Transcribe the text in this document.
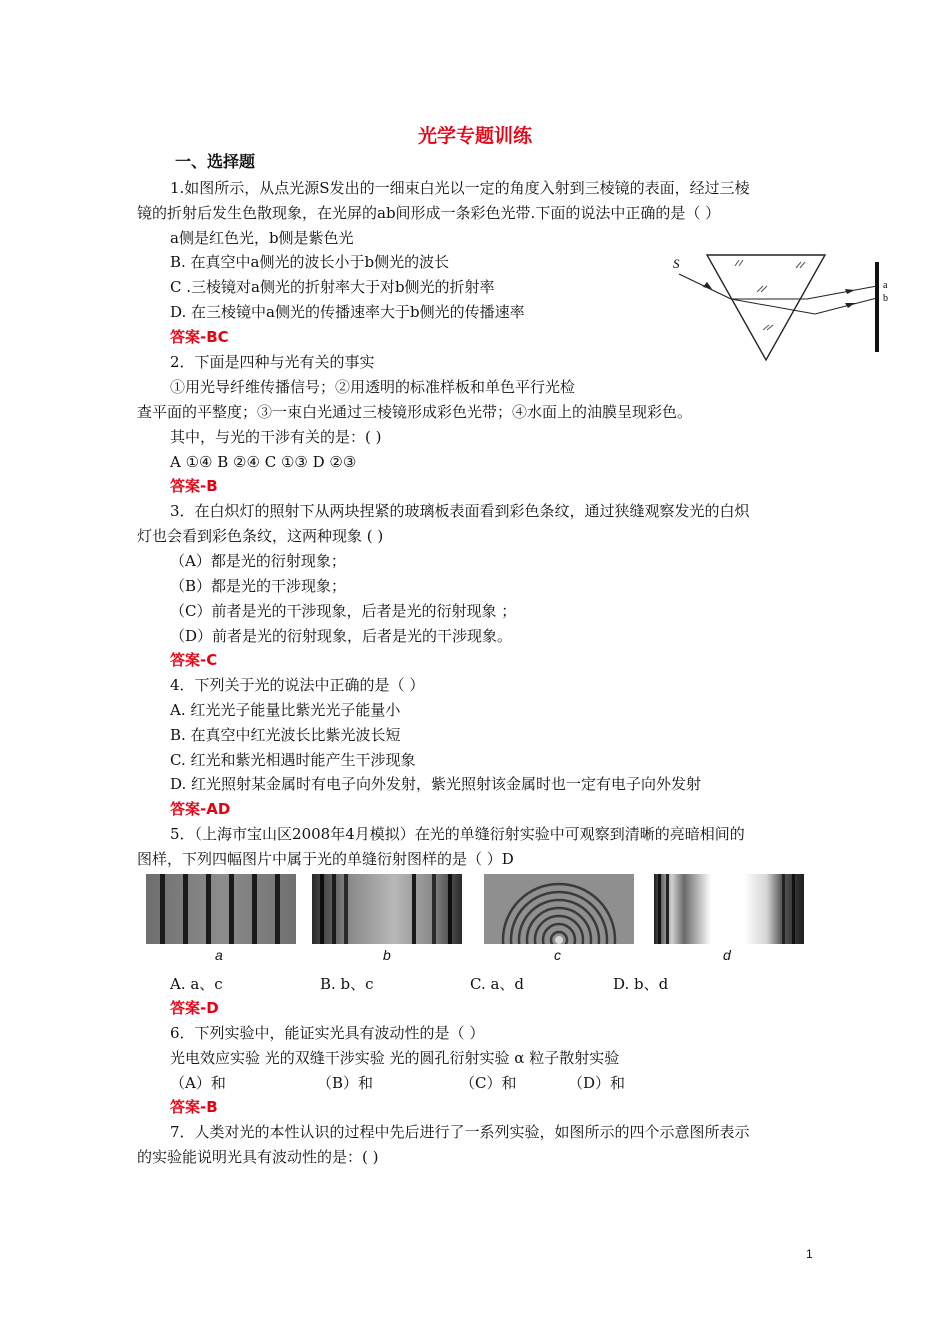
光学专题训练
一、选择题
1.如图所示，从点光源S发出的一细束白光以一定的角度入射到三棱镜的表面，经过三棱
镜的折射后发生色散现象，在光屏的ab间形成一条彩色光带.下面的说法中正确的是（ ）
a侧是红色光，b侧是紫色光
B. 在真空中a侧光的波长小于b侧光的波长
C .三棱镜对a侧光的折射率大于对b侧光的折射率
D. 在三棱镜中a侧光的传播速率大于b侧光的传播速率
答案-BC
S
a
b
2．下面是四种与光有关的事实
①用光导纤维传播信号；②用透明的标准样板和单色平行光检
查平面的平整度；③一束白光通过三棱镜形成彩色光带；④水面上的油膜呈现彩色。
其中，与光的干涉有关的是：( )
A ①④ B ②④ C ①③ D ②③
答案-B
3．在白炽灯的照射下从两块捏紧的玻璃板表面看到彩色条纹，通过狭缝观察发光的白炽
灯也会看到彩色条纹，这两种现象 ( )
（A）都是光的衍射现象；
（B）都是光的干涉现象；
（C）前者是光的干涉现象，后者是光的衍射现象 ；
（D）前者是光的衍射现象，后者是光的干涉现象。
答案-C
4．下列关于光的说法中正确的是（ ）
A. 红光光子能量比紫光光子能量小
B. 在真空中红光波长比紫光波长短
C. 红光和紫光相遇时能产生干涉现象
D. 红光照射某金属时有电子向外发射，紫光照射该金属时也一定有电子向外发射
答案-AD
5．（上海市宝山区2008年4月模拟）在光的单缝衍射实验中可观察到清晰的亮暗相间的
图样，下列四幅图片中属于光的单缝衍射图样的是（ ）D
a	b	c	d
A. a、c	B. b、c	C. a、d	D. b、d
答案-D
6．下列实验中，能证实光具有波动性的是（ ）
光电效应实验 光的双缝干涉实验 光的圆孔衍射实验 α 粒子散射实验
（A）和	（B）和	（C）和	（D）和
答案-B
7．人类对光的本性认识的过程中先后进行了一系列实验，如图所示的四个示意图所表示
的实验能说明光具有波动性的是：( )
1
